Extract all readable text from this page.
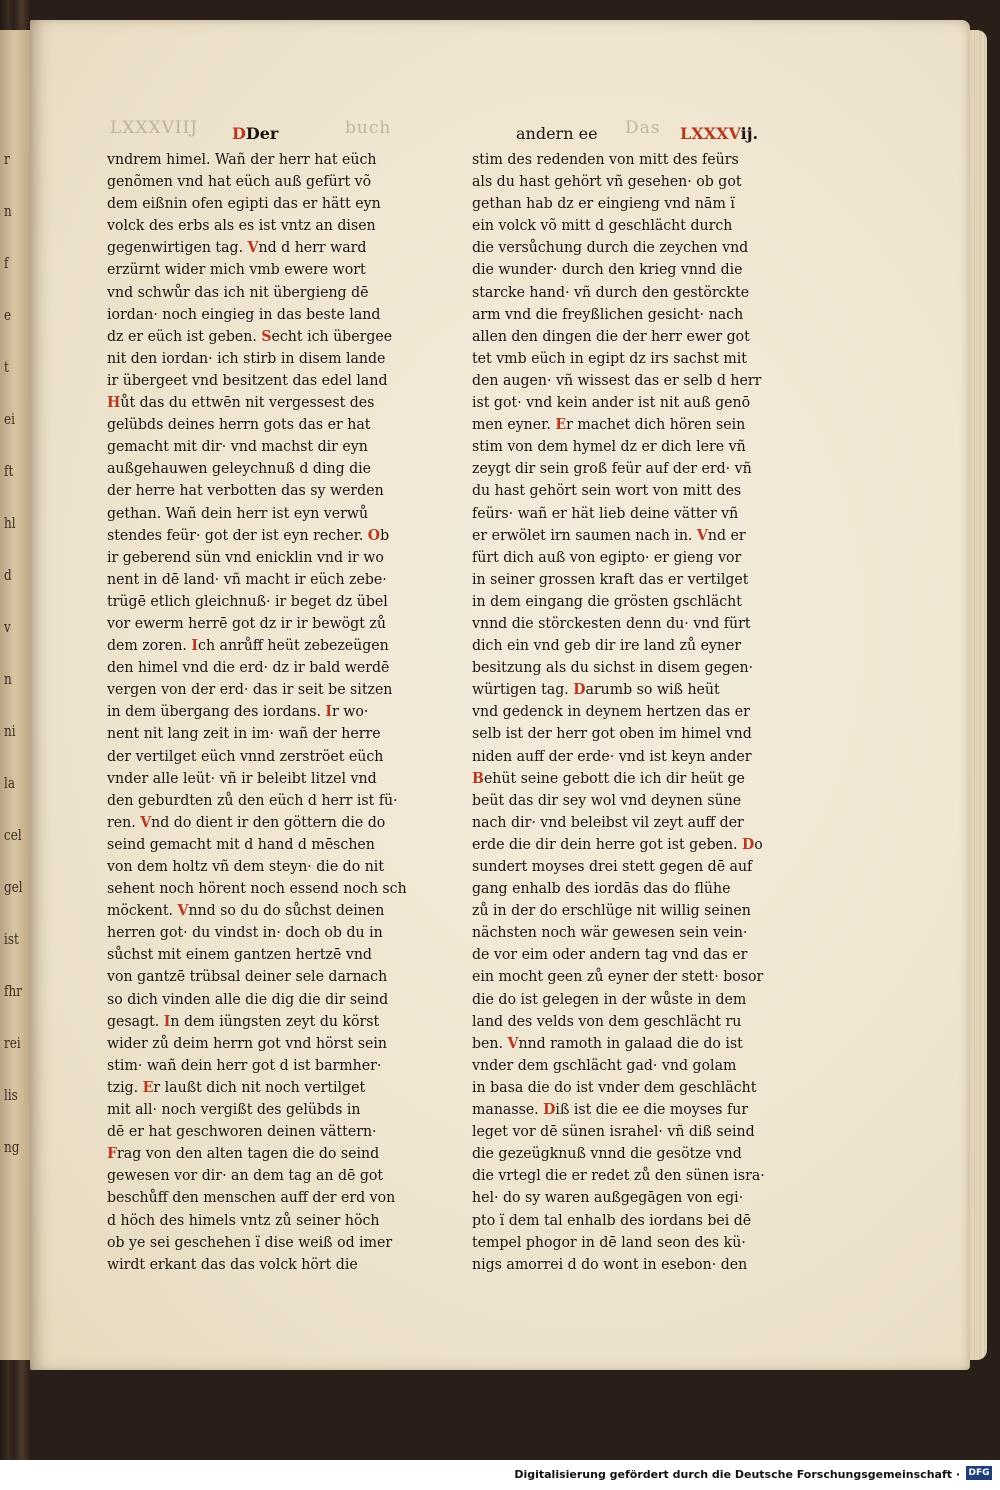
r
n
f
e
t
ei
ft
hl
d
v
n
ni
la
cel
gel
ist
fhr
rei
lis
ng
LXXXVIIJ	buch	Das
DDer	andern ee	LXXXVij.
vndrem himel. Wañ der herr hat eüch
genõmen vnd hat eüch auß gefürt võ
dem eißnin ofen egipti das er hätt eyn
volck des erbs als es ist vntz an disen
gegenwirtigen tag. Vnd d herr ward
erzürnt wider mich vmb ewere wort
vnd schwůr das ich nit übergieng dē
iordan· noch eingieg in das beste land
dz er eüch ist geben. Secht ich übergee
nit den iordan· ich stirb in disem lande
ir übergeet vnd besitzent das edel land
Hůt das du ettwēn nit vergessest des
gelübds deines herrn gots das er hat
gemacht mit dir· vnd machst dir eyn
außgehauwen geleychnuß d ding die
der herre hat verbotten das sy werden
gethan. Wañ dein herr ist eyn verwů
stendes feür· got der ist eyn recher. Ob
ir geberend sün vnd enicklin vnd ir wo
nent in dē land· vñ macht ir eüch zebe·
trügē etlich gleichnuß· ir beget dz übel
vor ewerm herrē got dz ir ir bewögt zů
dem zoren. Ich anrůff heüt zebezeügen
den himel vnd die erd· dz ir bald werdē
vergen von der erd· das ir seit be sitzen
in dem übergang des iordans. Ir wo·
nent nit lang zeit in im· wañ der herre
der vertilget eüch vnnd zerströet eüch
vnder alle leüt· vñ ir beleibt litzel vnd
den geburdten zů den eüch d herr ist fü·
ren. Vnd do dient ir den göttern die do
seind gemacht mit d hand d mēschen
von dem holtz vñ dem steyn· die do nit
sehent noch hörent noch essend noch sch
möckent. Vnnd so du do sůchst deinen
herren got· du vindst in· doch ob du in
sůchst mit einem gantzen hertzē vnd
von gantzē trübsal deiner sele darnach
so dich vinden alle die dig die dir seind
gesagt. In dem iüngsten zeyt du körst
wider zů deim herrn got vnd hörst sein
stim· wañ dein herr got d ist barmher·
tzig. Er laußt dich nit noch vertilget
mit all· noch vergißt des gelübds in
dē er hat geschworen deinen vättern·
Frag von den alten tagen die do seind
gewesen vor dir· an dem tag an dē got
beschůff den menschen auff der erd von
d höch des himels vntz zů seiner höch
ob ye sei geschehen ï dise weiß od imer
wirdt erkant das das volck hört die
stim des redenden von mitt des feürs
als du hast gehört vñ gesehen· ob got
gethan hab dz er eingieng vnd nām ï
ein volck võ mitt d geschlächt durch
die versůchung durch die zeychen vnd
die wunder· durch den krieg vnnd die
starcke hand· vñ durch den gestörckte
arm vnd die freyßlichen gesicht· nach
allen den dingen die der herr ewer got
tet vmb eüch in egipt dz irs sachst mit
den augen· vñ wissest das er selb d herr
ist got· vnd kein ander ist nit auß genō
men eyner. Er machet dich hören sein
stim von dem hymel dz er dich lere vñ
zeygt dir sein groß feür auf der erd· vñ
du hast gehört sein wort von mitt des
feürs· wañ er hät lieb deine vätter vñ
er erwölet irn saumen nach in. Vnd er
fürt dich auß von egipto· er gieng vor
in seiner grossen kraft das er vertilget
in dem eingang die grösten gschlächt
vnnd die störckesten denn du· vnd fürt
dich ein vnd geb dir ire land zů eyner
besitzung als du sichst in disem gegen·
würtigen tag. Darumb so wiß heüt
vnd gedenck in deynem hertzen das er
selb ist der herr got oben im himel vnd
niden auff der erde· vnd ist keyn ander
Behüt seine gebott die ich dir heüt ge
beüt das dir sey wol vnd deynen süne
nach dir· vnd beleibst vil zeyt auff der
erde die dir dein herre got ist geben. Do
sundert moyses drei stett gegen dē auf
gang enhalb des iordās das do flühe
zů in der do erschlüge nit willig seinen
nächsten noch wär gewesen sein vein·
de vor eim oder andern tag vnd das er
ein mocht geen zů eyner der stett· bosor
die do ist gelegen in der wůste in dem
land des velds von dem geschlächt ru
ben. Vnnd ramoth in galaad die do ist
vnder dem gschlächt gad· vnd golam
in basa die do ist vnder dem geschlächt
manasse. Diß ist die ee die moyses fur
leget vor dē sünen israhel· vñ diß seind
die gezeügknuß vnnd die gesötze vnd
die vrtegl die er redet zů den sünen isra·
hel· do sy waren außgegāgen von egi·
pto ï dem tal enhalb des iordans bei dē
tempel phogor in dē land seon des kü·
nigs amorrei d do wont in esebon· den
Digitalisierung gefördert durch die Deutsche Forschungsgemeinschaft · DFG
